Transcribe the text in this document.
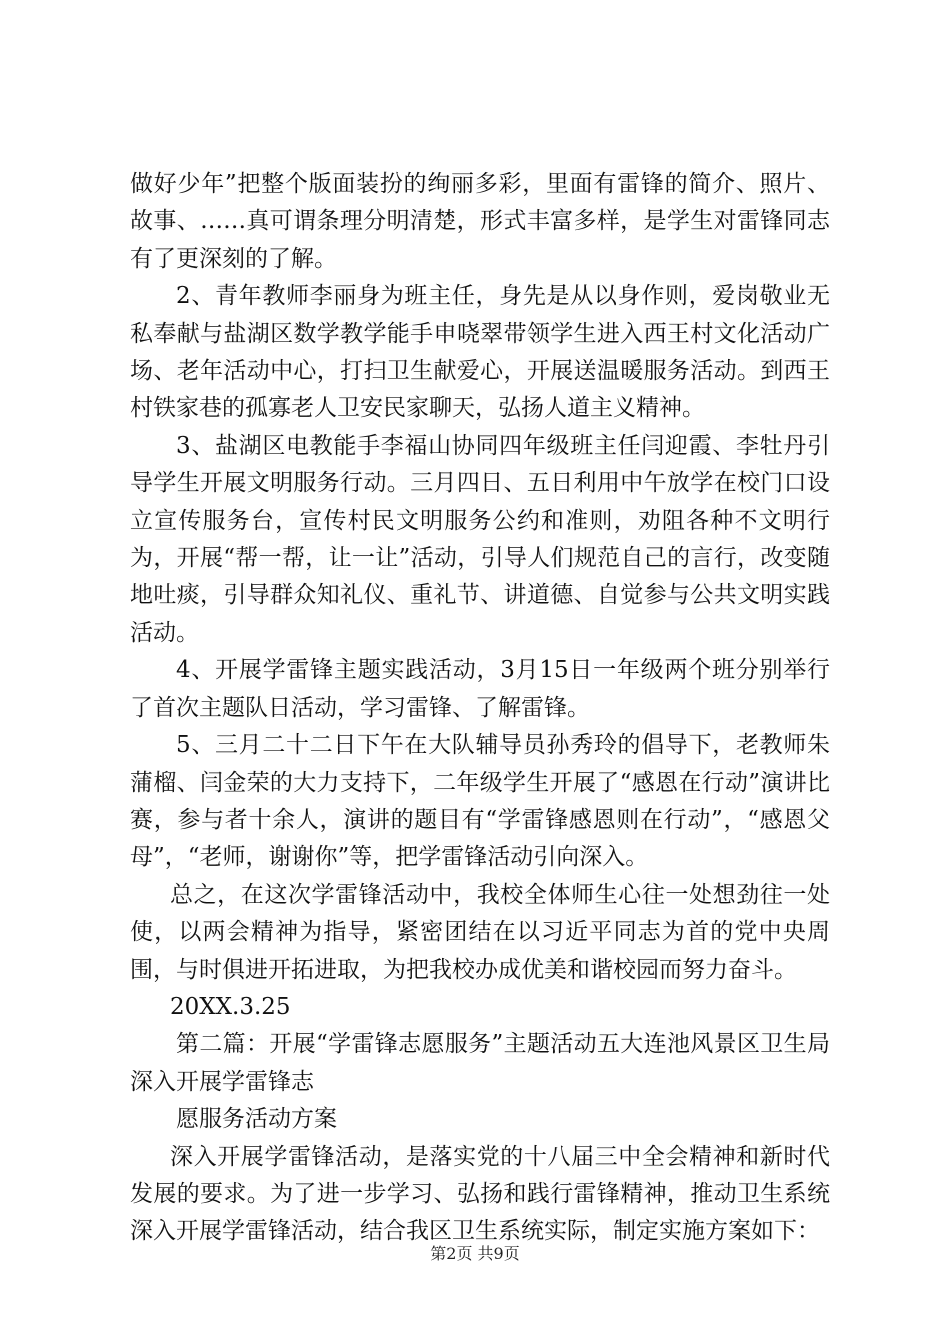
做好少年”把整个版面装扮的绚丽多彩，里面有雷锋的简介、照片、故事、……真可谓条理分明清楚，形式丰富多样，是学生对雷锋同志有了更深刻的了解。

2、青年教师李丽身为班主任，身先是从以身作则，爱岗敬业无私奉献与盐湖区数学教学能手申哓翠带领学生进入西王村文化活动广场、老年活动中心，打扫卫生献爱心，开展送温暖服务活动。到西王村铁家巷的孤寡老人卫安民家聊天，弘扬人道主义精神。

3、盐湖区电教能手李福山协同四年级班主任闫迎霞、李牡丹引导学生开展文明服务行动。三月四日、五日利用中午放学在校门口设立宣传服务台，宣传村民文明服务公约和准则，劝阻各种不文明行为，开展“帮一帮，让一让”活动，引导人们规范自己的言行，改变随地吐痰，引导群众知礼仪、重礼节、讲道德、自觉参与公共文明实践活动。

4、开展学雷锋主题实践活动，3月15日一年级两个班分别举行了首次主题队日活动，学习雷锋、了解雷锋。

5、三月二十二日下午在大队辅导员孙秀玲的倡导下，老教师朱蒲榴、闫金荣的大力支持下，二年级学生开展了“感恩在行动”演讲比赛，参与者十余人，演讲的题目有“学雷锋感恩则在行动”，“感恩父母”，“老师，谢谢你”等，把学雷锋活动引向深入。

总之，在这次学雷锋活动中，我校全体师生心往一处想劲往一处使，以两会精神为指导，紧密团结在以习近平同志为首的党中央周围，与时俱进开拓进取，为把我校办成优美和谐校园而努力奋斗。

20XX.3.25

第二篇：开展“学雷锋志愿服务”主题活动五大连池风景区卫生局深入开展学雷锋志

愿服务活动方案

深入开展学雷锋活动，是落实党的十八届三中全会精神和新时代发展的要求。为了进一步学习、弘扬和践行雷锋精神，推动卫生系统深入开展学雷锋活动，结合我区卫生系统实际，制定实施方案如下：

第2页 共9页
